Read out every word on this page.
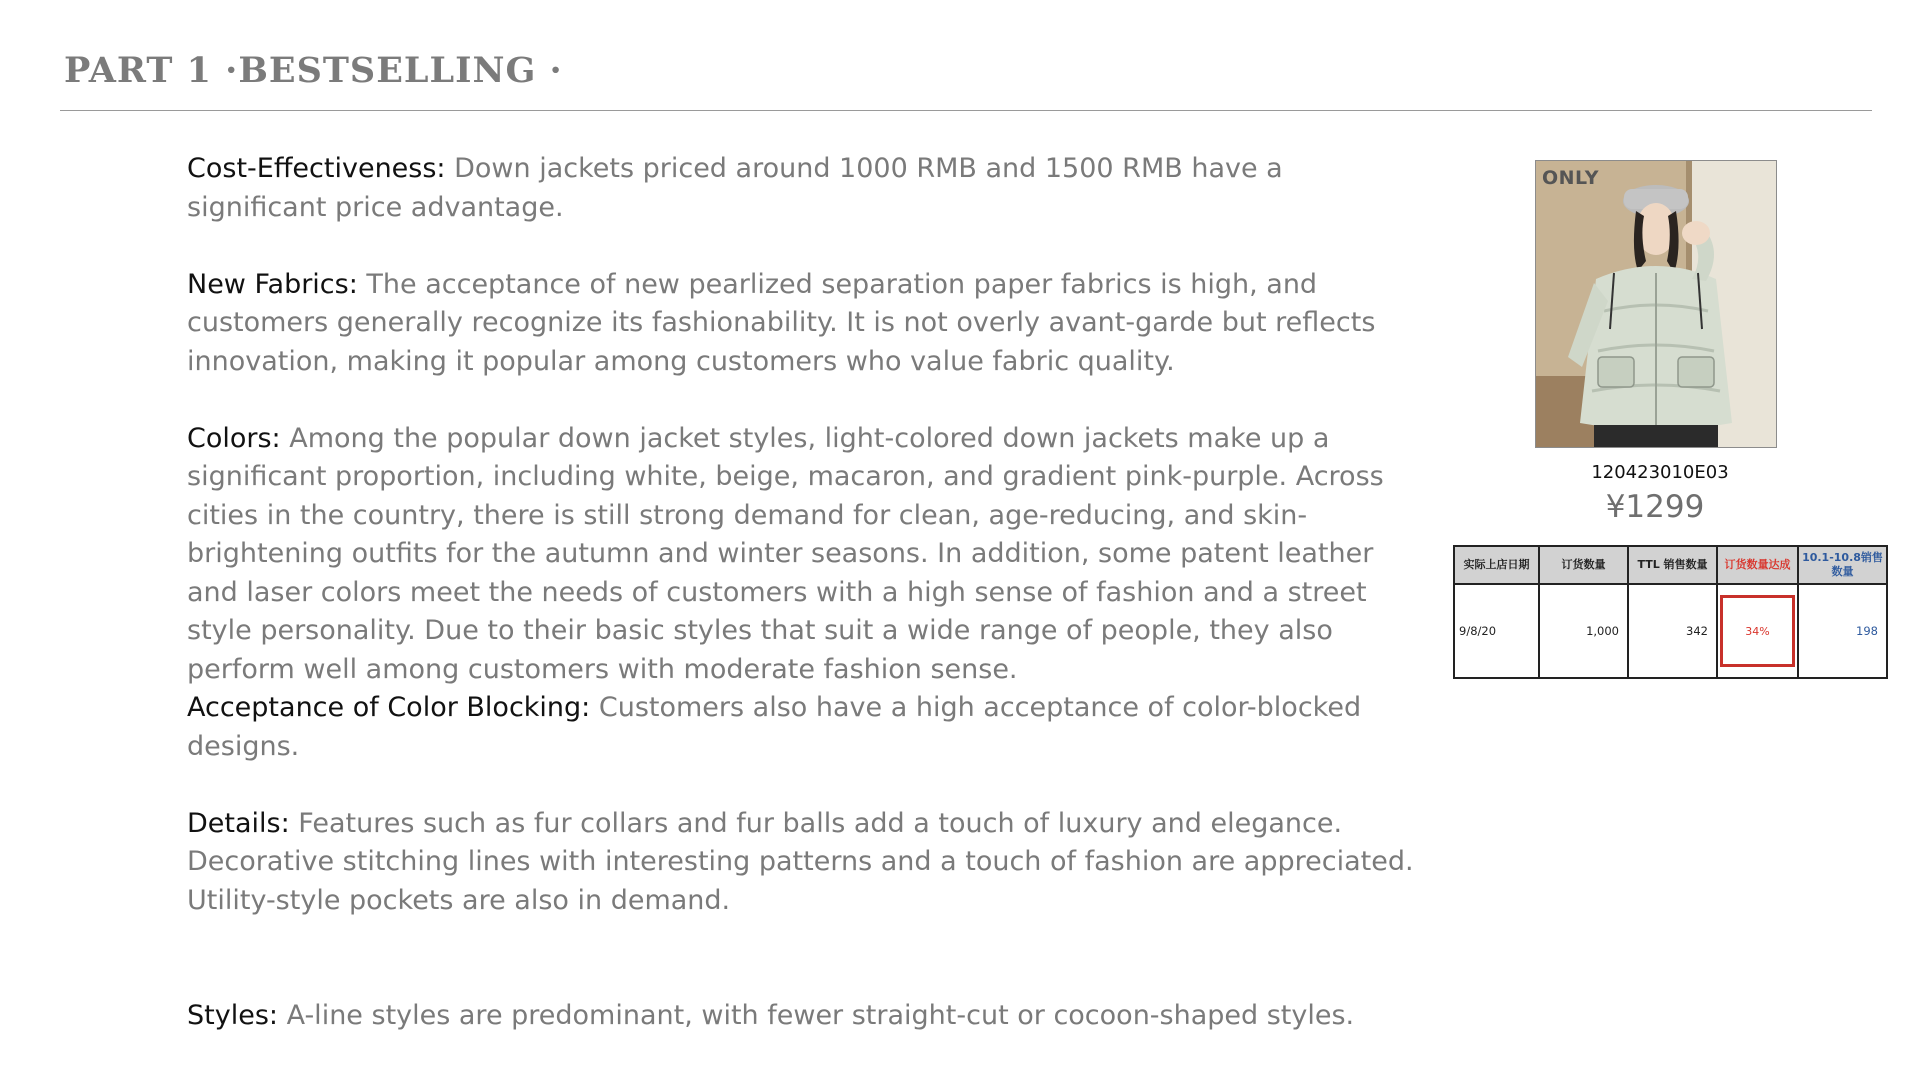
PART 1 ·BESTSELLING ·

Cost-Effectiveness: Down jackets priced around 1000 RMB and 1500 RMB have a significant price advantage.

New Fabrics: The acceptance of new pearlized separation paper fabrics is high, and customers generally recognize its fashionability. It is not overly avant-garde but reflects innovation, making it popular among customers who value fabric quality.

Colors: Among the popular down jacket styles, light-colored down jackets make up a significant proportion, including white, beige, macaron, and gradient pink-purple. Across cities in the country, there is still strong demand for clean, age-reducing, and skin-brightening outfits for the autumn and winter seasons. In addition, some patent leather and laser colors meet the needs of customers with a high sense of fashion and a street style personality. Due to their basic styles that suit a wide range of people, they also perform well among customers with moderate fashion sense.

Acceptance of Color Blocking: Customers also have a high acceptance of color-blocked designs.

Details: Features such as fur collars and fur balls add a touch of luxury and elegance. Decorative stitching lines with interesting patterns and a touch of fashion are appreciated. Utility-style pockets are also in demand.

Styles: A-line styles are predominant, with fewer straight-cut or cocoon-shaped styles.

ONLY
120423010E03
¥1299
实际上店日期	订货数量	TTL 销售数量	订货数量达成	10.1-10.8销售数量
9/8/20	1,000	342	34%	198
